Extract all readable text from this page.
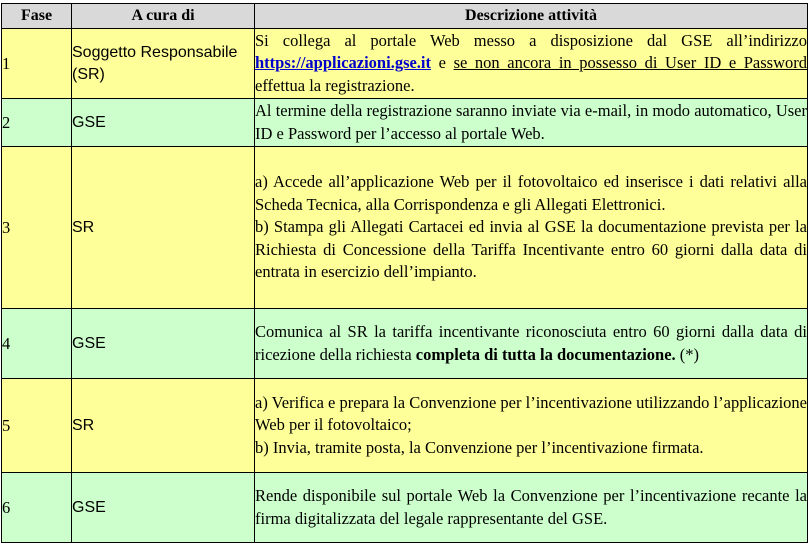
Fase	A cura di	Descrizione attività
1	Soggetto Responsabile (SR)	Si collega al portale Web messo a disposizione dal GSE all’indirizzo https://applicazioni.gse.it e se non ancora in possesso di User ID e Password effettua la registrazione.
2	GSE	Al termine della registrazione saranno inviate via e-mail, in modo automatico, User ID e Password per l’accesso al portale Web.
3	SR	a) Accede all’applicazione Web per il fotovoltaico ed inserisce i dati relativi alla Scheda Tecnica, alla Corrispondenza e gli Allegati Elettronici.
b) Stampa gli Allegati Cartacei ed invia al GSE la documentazione prevista per la Richiesta di Concessione della Tariffa Incentivante entro 60 giorni dalla data di entrata in esercizio dell’impianto.

4	GSE	Comunica al SR la tariffa incentivante riconosciuta entro 60 giorni dalla data di ricezione della richiesta completa di tutta la documentazione. (*)
5	SR	a) Verifica e prepara la Convenzione per l’incentivazione utilizzando l’applicazione Web per il fotovoltaico;
b) Invia, tramite posta, la Convenzione per l’incentivazione firmata.

6	GSE	Rende disponibile sul portale Web la Convenzione per l’incentivazione recante la firma digitalizzata del legale rappresentante del GSE.
